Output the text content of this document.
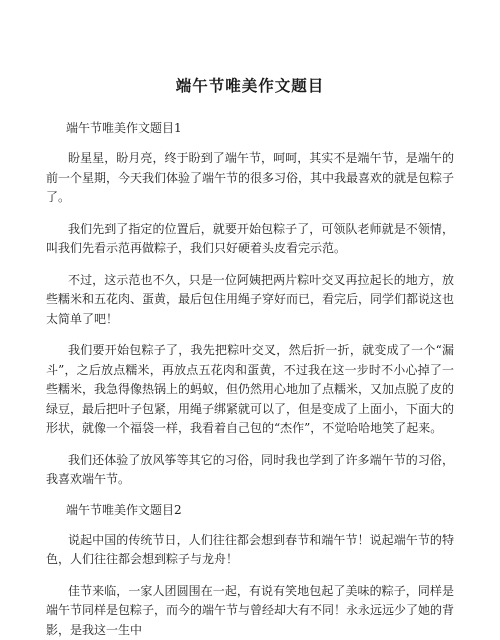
端午节唯美作文题目

端午节唯美作文题目1

盼星星，盼月亮，终于盼到了端午节，呵呵，其实不是端午节，是端午的前一个星期，今天我们体验了端午节的很多习俗，其中我最喜欢的就是包粽子了。

我们先到了指定的位置后，就要开始包粽子了，可领队老师就是不领情，叫我们先看示范再做粽子，我们只好硬着头皮看完示范。

不过，这示范也不久，只是一位阿姨把两片粽叶交叉再拉起长的地方，放些糯米和五花肉、蛋黄，最后包住用绳子穿好而已，看完后，同学们都说这也太简单了吧！

我们要开始包粽子了，我先把粽叶交叉，然后折一折，就变成了一个“漏斗”，之后放点糯米，再放点五花肉和蛋黄，不过我在这一步时不小心掉了一些糯米，我急得像热锅上的蚂蚁，但仍然用心地加了点糯米，又加点脱了皮的绿豆，最后把叶子包紧，用绳子绑紧就可以了，但是变成了上面小，下面大的形状，就像一个福袋一样，我看着自己包的“杰作”，不觉哈哈地笑了起来。

我们还体验了放风筝等其它的习俗，同时我也学到了许多端午节的习俗，我喜欢端午节。

端午节唯美作文题目2

说起中国的传统节日，人们往往都会想到春节和端午节！说起端午节的特色，人们往往都会想到粽子与龙舟！

佳节来临，一家人团圆围在一起，有说有笑地包起了美味的粽子，同样是端午节同样是包粽子，而今的端午节与曾经却大有不同！永永远远少了她的背影，是我这一生中
